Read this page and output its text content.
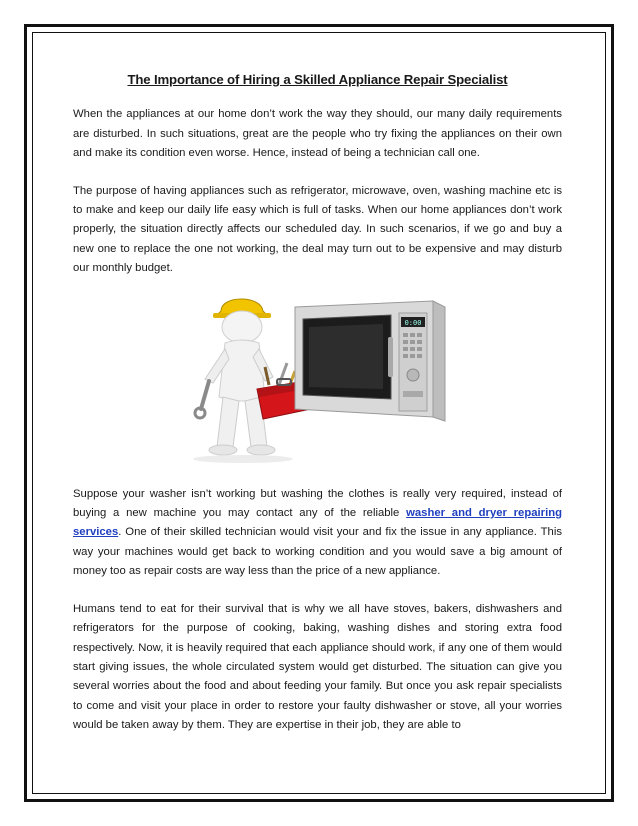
The Importance of Hiring a Skilled Appliance Repair Specialist

When the appliances at our home don’t work the way they should, our many daily requirements are disturbed. In such situations, great are the people who try fixing the appliances on their own and make its condition even worse. Hence, instead of being a technician call one.

The purpose of having appliances such as refrigerator, microwave, oven, washing machine etc is to make and keep our daily life easy which is full of tasks. When our home appliances don’t work properly, the situation directly affects our scheduled day. In such scenarios, if we go and buy a new one to replace the one not working, the deal may turn out to be expensive and may disturb our monthly budget.

0:00

Suppose your washer isn’t working but washing the clothes is really very required, instead of buying a new machine you may contact any of the reliable washer and dryer repairing services. One of their skilled technician would visit your and fix the issue in any appliance. This way your machines would get back to working condition and you would save a big amount of money too as repair costs are way less than the price of a new appliance.

Humans tend to eat for their survival that is why we all have stoves, bakers, dishwashers and refrigerators for the purpose of cooking, baking, washing dishes and storing extra food respectively. Now, it is heavily required that each appliance should work, if any one of them would start giving issues, the whole circulated system would get disturbed. The situation can give you several worries about the food and about feeding your family. But once you ask repair specialists to come and visit your place in order to restore your faulty dishwasher or stove, all your worries would be taken away by them. They are expertise in their job, they are able to
